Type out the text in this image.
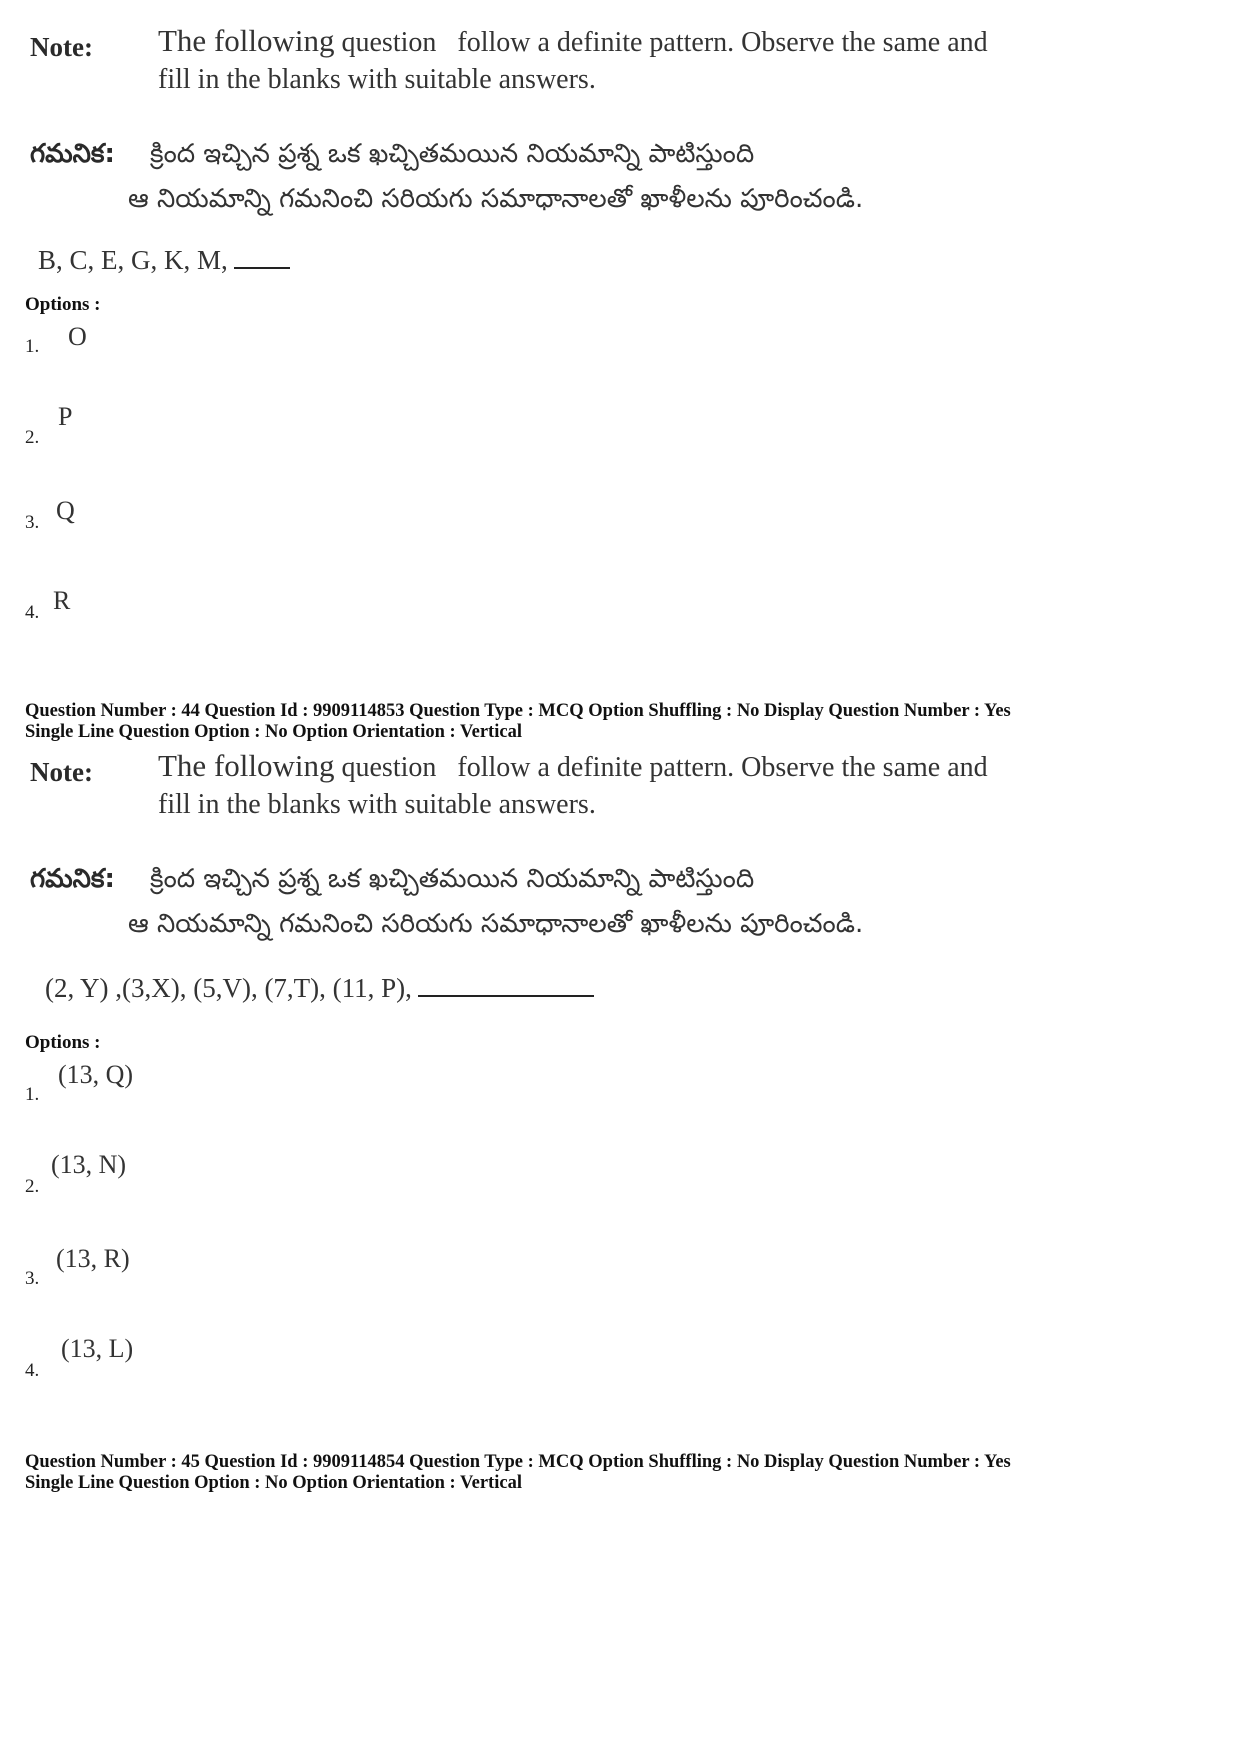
Note: The following question   follow a definite pattern. Observe the same and
fill in the blanks with suitable answers.
గమనిక: క్రింద ఇచ్చిన ప్రశ్న ఒక ఖచ్చితమయిన నియమాన్ని పాటిస్తుంది
ఆ నియమాన్ని గమనించి సరియగు సమాధానాలతో ఖాళీలను పూరించండి.
B, C, E, G, K, M,
Options :
1. O
2.
P
3. Q
4. R
Question Number : 44 Question Id : 9909114853 Question Type : MCQ Option Shuffling : No Display Question Number : Yes
Single Line Question Option : No Option Orientation : Vertical
Note: The following question   follow a definite pattern. Observe the same and
fill in the blanks with suitable answers.
గమనిక: క్రింద ఇచ్చిన ప్రశ్న ఒక ఖచ్చితమయిన నియమాన్ని పాటిస్తుంది
ఆ నియమాన్ని గమనించి సరియగు సమాధానాలతో ఖాళీలను పూరించండి.
(2, Y) ,(3,X), (5,V), (7,T), (11, P),
Options :
1.
(13, Q)
2.
(13, N)
3.
(13, R)
4.
(13, L)
Question Number : 45 Question Id : 9909114854 Question Type : MCQ Option Shuffling : No Display Question Number : Yes
Single Line Question Option : No Option Orientation : Vertical
